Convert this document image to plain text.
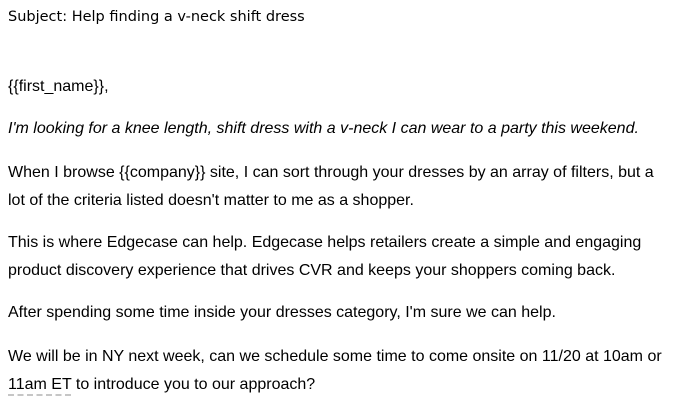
Subject: Help finding a v-neck shift dress

{{first_name}},

I'm looking for a knee length, shift dress with a v-neck I can wear to a party this weekend.

When I browse {{company}} site, I can sort through your dresses by an array of filters, but a lot of the criteria listed doesn't matter to me as a shopper.

This is where Edgecase can help. Edgecase helps retailers create a simple and engaging product discovery experience that drives CVR and keeps your shoppers coming back.

After spending some time inside your dresses category, I'm sure we can help.

We will be in NY next week, can we schedule some time to come onsite on 11/20 at 10am or 11am ET to introduce you to our approach?
